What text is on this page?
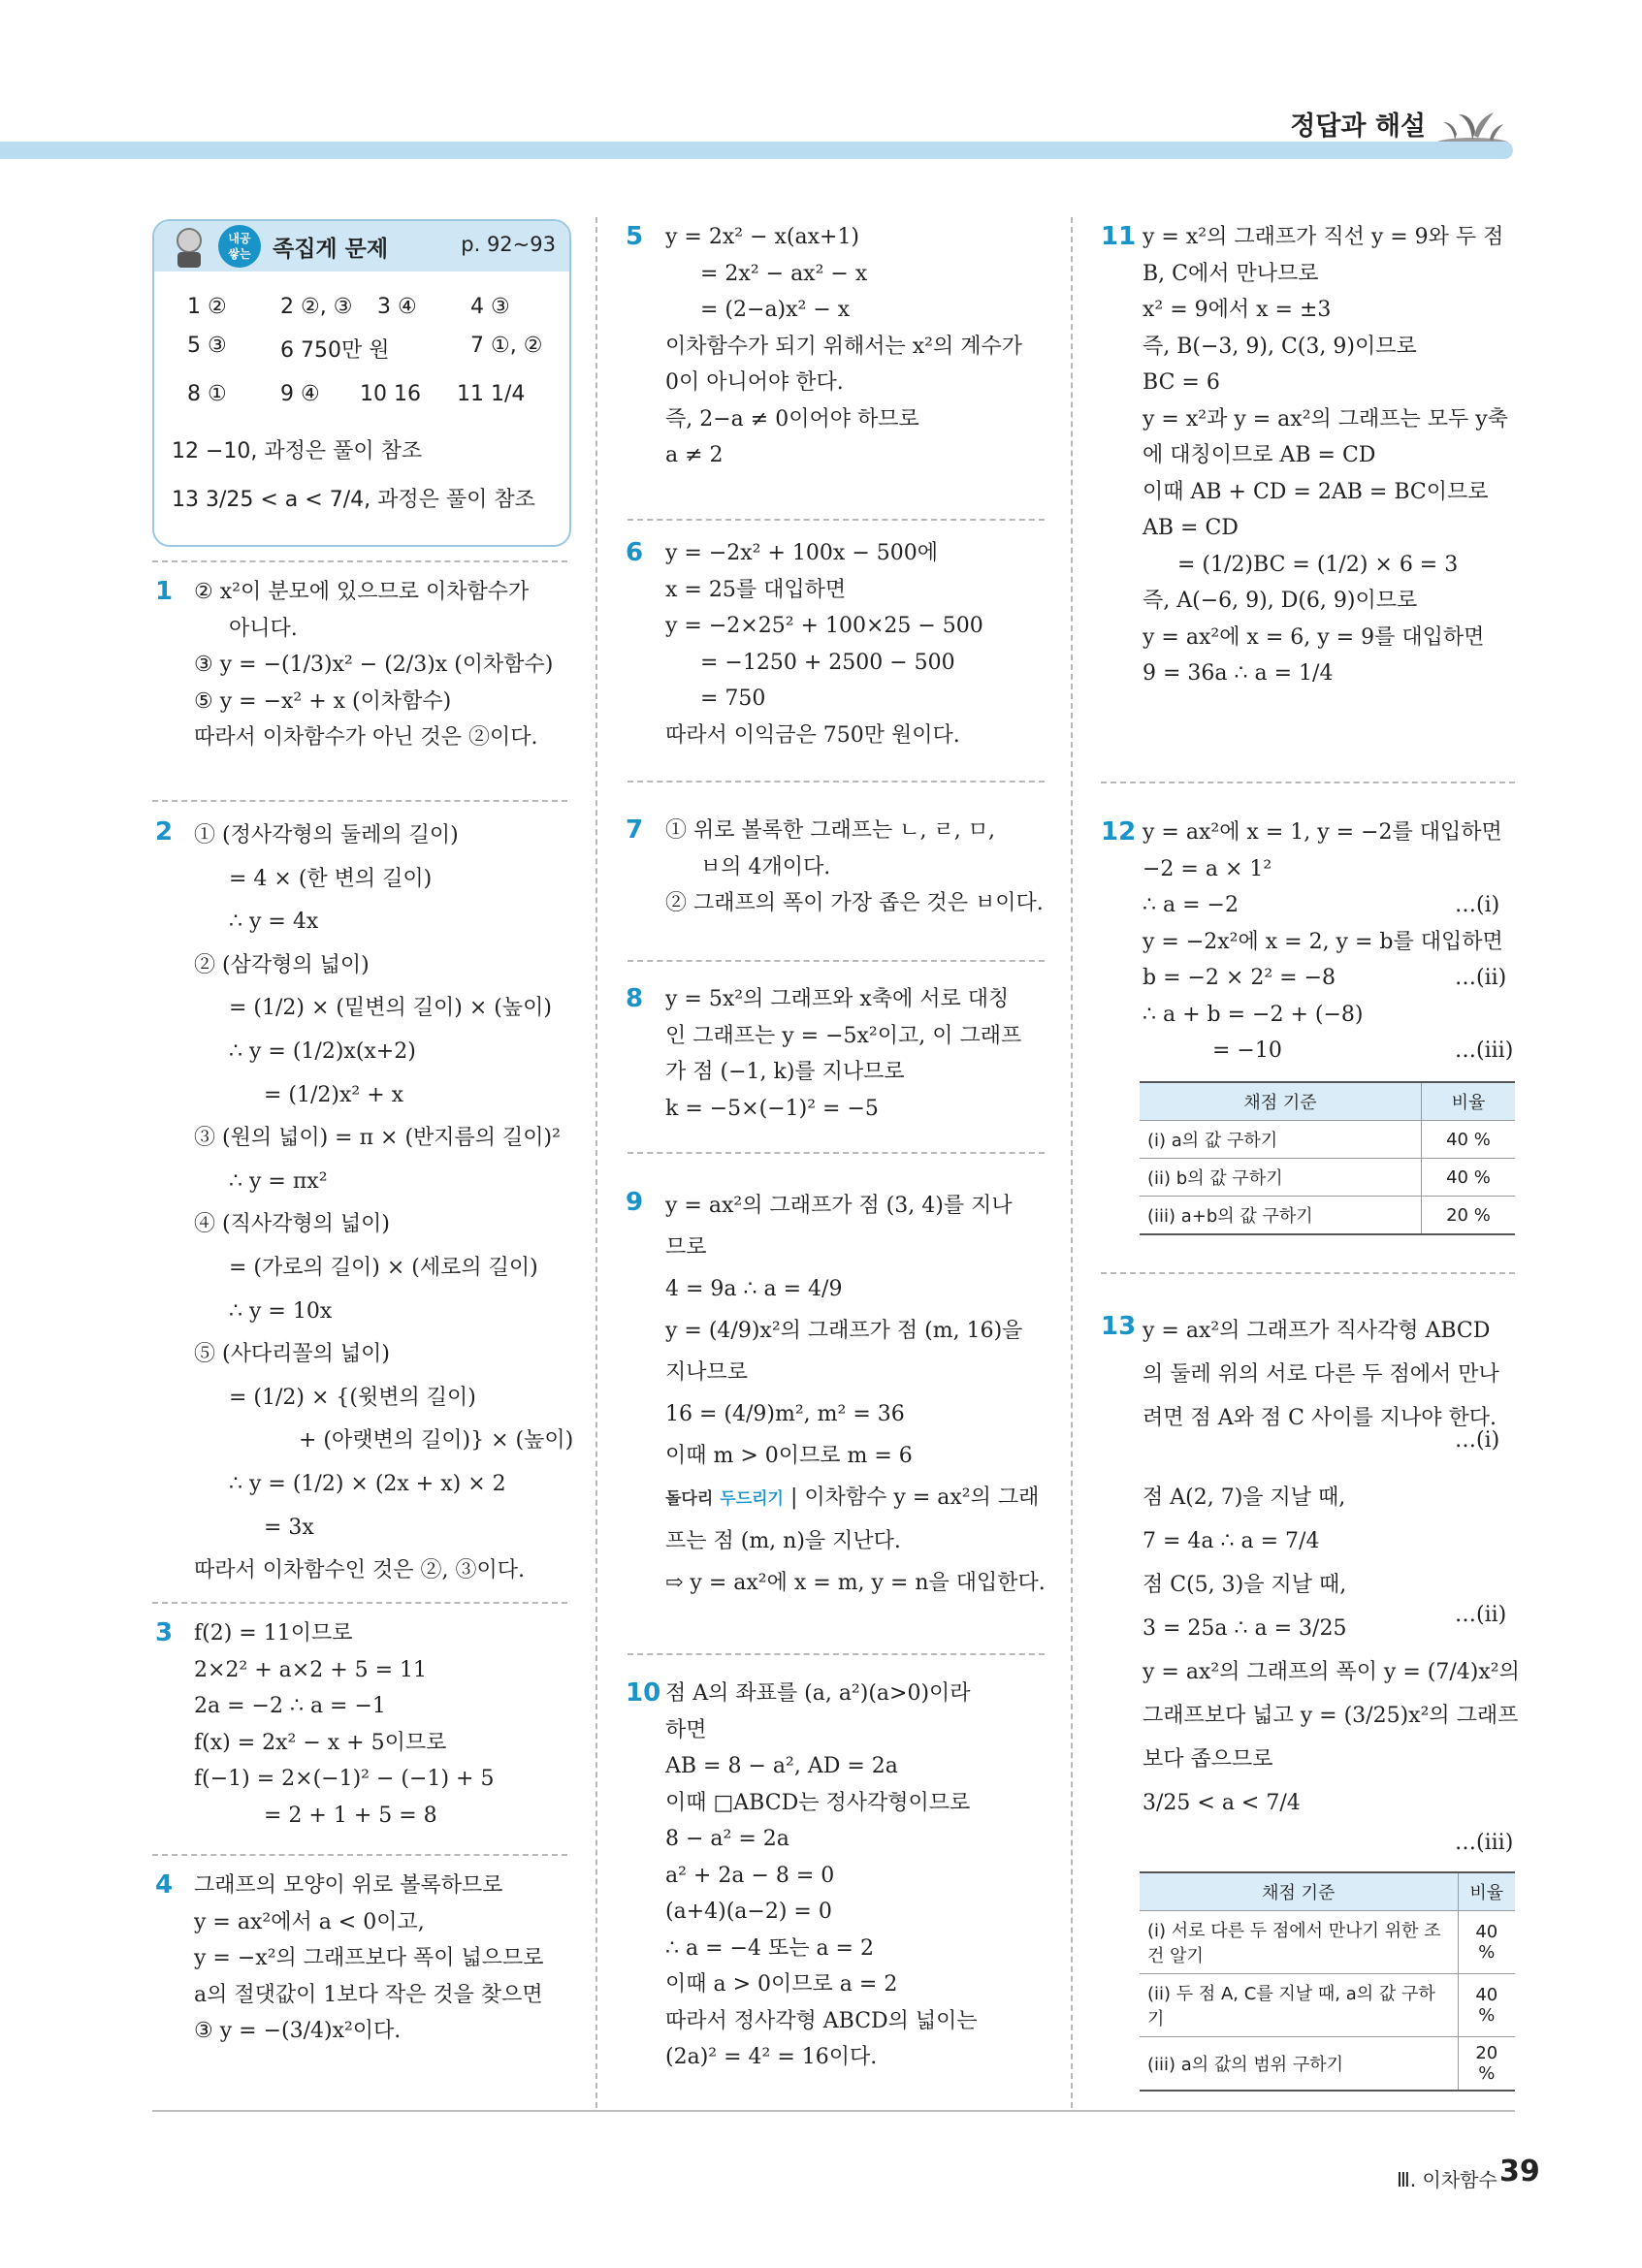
정답과 해설
내공
쌓는 족집게 문제	p. 92~93
1 ②	2 ②, ③ 3 ④	4 ③
5 ③	6 750만 원	7 ①, ②
8 ①	9 ④ 10 16 11 1/4
12 −10, 과정은 풀이 참조
13 3/25 < a < 7/4, 과정은 풀이 참조
1 ② x²이 분모에 있으므로 이차함수가
아니다.
③ y = −(1/3)x² − (2/3)x (이차함수)
⑤ y = −x² + x (이차함수)
따라서 이차함수가 아닌 것은 ②이다.
2 ① (정사각형의 둘레의 길이)
= 4 × (한 변의 길이)
∴ y = 4x
② (삼각형의 넓이)
= (1/2) × (밑변의 길이) × (높이)
∴ y = (1/2)x(x+2)
= (1/2)x² + x
③ (원의 넓이) = π × (반지름의 길이)²
∴ y = πx²
④ (직사각형의 넓이)
= (가로의 길이) × (세로의 길이)
∴ y = 10x
⑤ (사다리꼴의 넓이)
= (1/2) × {(윗변의 길이)
+ (아랫변의 길이)} × (높이)
∴ y = (1/2) × (2x + x) × 2
= 3x
따라서 이차함수인 것은 ②, ③이다.
3 f(2) = 11이므로
2×2² + a×2 + 5 = 11
2a = −2 ∴ a = −1
f(x) = 2x² − x + 5이므로
f(−1) = 2×(−1)² − (−1) + 5
= 2 + 1 + 5 = 8
4 그래프의 모양이 위로 볼록하므로
y = ax²에서 a < 0이고,
y = −x²의 그래프보다 폭이 넓으므로
a의 절댓값이 1보다 작은 것을 찾으면
③ y = −(3/4)x²이다.
5 y = 2x² − x(ax+1)
= 2x² − ax² − x
= (2−a)x² − x
이차함수가 되기 위해서는 x²의 계수가
0이 아니어야 한다.
즉, 2−a ≠ 0이어야 하므로
a ≠ 2
6 y = −2x² + 100x − 500에
x = 25를 대입하면
y = −2×25² + 100×25 − 500
= −1250 + 2500 − 500
= 750
따라서 이익금은 750만 원이다.
7 ① 위로 볼록한 그래프는 ㄴ, ㄹ, ㅁ,
ㅂ의 4개이다.
② 그래프의 폭이 가장 좁은 것은 ㅂ이다.
8 y = 5x²의 그래프와 x축에 서로 대칭
인 그래프는 y = −5x²이고, 이 그래프
가 점 (−1, k)를 지나므로
k = −5×(−1)² = −5
9 y = ax²의 그래프가 점 (3, 4)를 지나
므로
4 = 9a ∴ a = 4/9
y = (4/9)x²의 그래프가 점 (m, 16)을
지나므로
16 = (4/9)m², m² = 36
이때 m > 0이므로 m = 6
돌다리 두드리기 | 이차함수 y = ax²의 그래
프는 점 (m, n)을 지난다.
⇨ y = ax²에 x = m, y = n을 대입한다.
10 점 A의 좌표를 (a, a²)(a>0)이라
하면
AB = 8 − a², AD = 2a
이때 □ABCD는 정사각형이므로
8 − a² = 2a
a² + 2a − 8 = 0
(a+4)(a−2) = 0
∴ a = −4 또는 a = 2
이때 a > 0이므로 a = 2
따라서 정사각형 ABCD의 넓이는
(2a)² = 4² = 16이다.
11 y = x²의 그래프가 직선 y = 9와 두 점
B, C에서 만나므로
x² = 9에서 x = ±3
즉, B(−3, 9), C(3, 9)이므로
BC = 6
y = x²과 y = ax²의 그래프는 모두 y축
에 대칭이므로 AB = CD
이때 AB + CD = 2AB = BC이므로
AB = CD
= (1/2)BC = (1/2) × 6 = 3
즉, A(−6, 9), D(6, 9)이므로
y = ax²에 x = 6, y = 9를 대입하면
9 = 36a ∴ a = 1/4
12 y = ax²에 x = 1, y = −2를 대입하면
−2 = a × 1²
∴ a = −2
y = −2x²에 x = 2, y = b를 대입하면
b = −2 × 2² = −8
∴ a + b = −2 + (−8)
= −10
…(i)
…(ii)
…(iii)
채점 기준	비율
(i) a의 값 구하기	40 %
(ii) b의 값 구하기	40 %
(iii) a+b의 값 구하기	20 %
13 y = ax²의 그래프가 직사각형 ABCD
의 둘레 위의 서로 다른 두 점에서 만나
려면 점 A와 점 C 사이를 지나야 한다.
점 A(2, 7)을 지날 때,
7 = 4a ∴ a = 7/4
점 C(5, 3)을 지날 때,
3 = 25a ∴ a = 3/25
y = ax²의 그래프의 폭이 y = (7/4)x²의
그래프보다 넓고 y = (3/25)x²의 그래프
보다 좁으므로
3/25 < a < 7/4
…(i)
…(ii)
…(iii)
채점 기준	비율
(i) 서로 다른 두 점에서 만나기 위한 조건 알기	40 %
(ii) 두 점 A, C를 지날 때, a의 값 구하기	40 %
(iii) a의 값의 범위 구하기	20 %
Ⅲ. 이차함수 39
